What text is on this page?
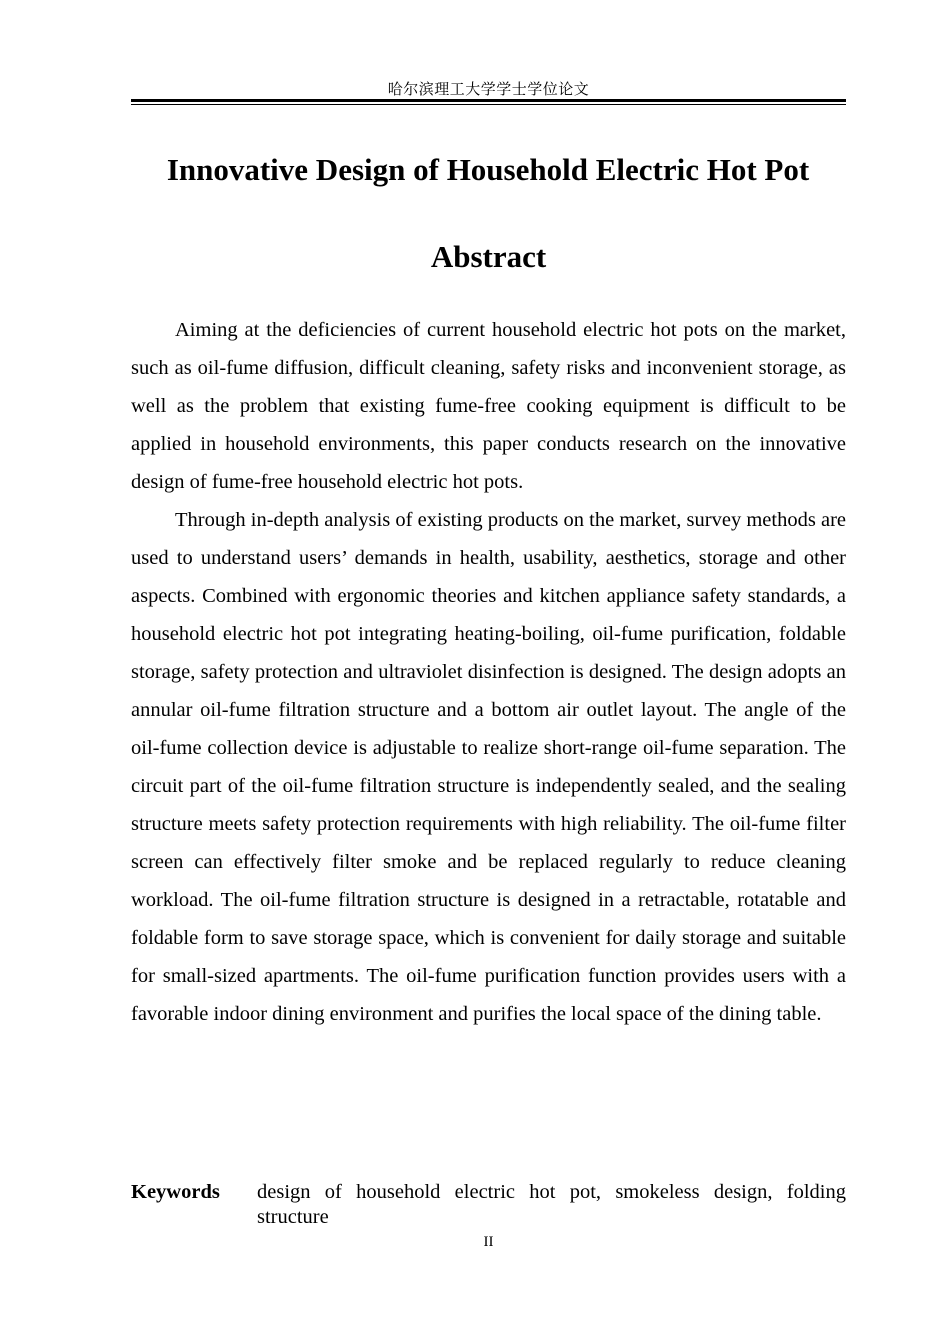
哈尔滨理工大学学士学位论文
Innovative Design of Household Electric Hot Pot
Abstract

Aiming at the deficiencies of current household electric hot pots on the market, such as oil-fume diffusion, difficult cleaning, safety risks and inconvenient storage, as well as the problem that existing fume-free cooking equipment is difficult to be applied in household environments, this paper conducts research on the innovative design of fume-free household electric hot pots.

Through in-depth analysis of existing products on the market, survey methods are used to understand users’ demands in health, usability, aesthetics, storage and other aspects. Combined with ergonomic theories and kitchen appliance safety standards, a household electric hot pot integrating heating-boiling, oil-fume purification, foldable storage, safety protection and ultraviolet disinfection is designed. The design adopts an annular oil-fume filtration structure and a bottom air outlet layout. The angle of the oil-fume collection device is adjustable to realize short-range oil-fume separation. The circuit part of the oil-fume filtration structure is independently sealed, and the sealing structure meets safety protection requirements with high reliability. The oil-fume filter screen can effectively filter smoke and be replaced regularly to reduce cleaning workload. The oil-fume filtration structure is designed in a retractable, rotatable and foldable form to save storage space, which is convenient for daily storage and suitable for small-sized apartments. The oil-fume purification function provides users with a favorable indoor dining environment and purifies the local space of the dining table.

Keywords	design of household electric hot pot, smokeless design, folding structure
II
